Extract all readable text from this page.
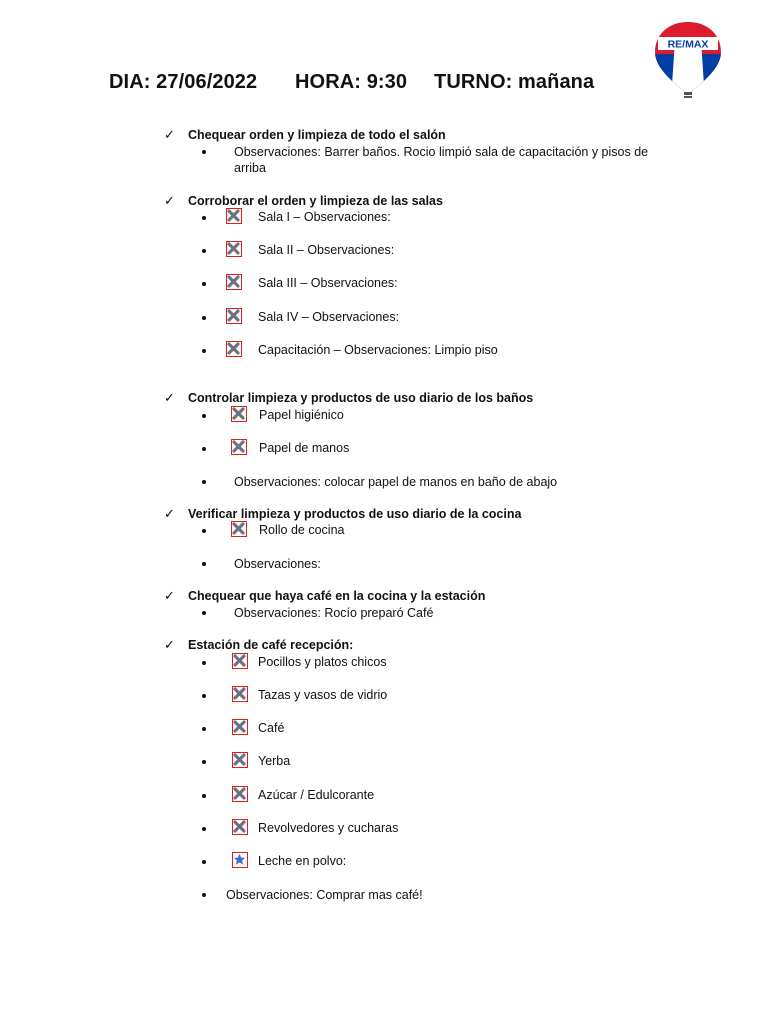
DIA: 27/06/2022 HORA: 9:30 TURNO: mañana
RE/MAX
✓ Chequear orden y limpieza de todo el salón
Observaciones: Barrer baños. Rocio limpió sala de capacitación y pisos de arriba
✓ Corroborar el orden y limpieza de las salas
Sala I – Observaciones:
Sala II – Observaciones:
Sala III – Observaciones:
Sala IV – Observaciones:
Capacitación – Observaciones: Limpio piso
✓ Controlar limpieza y productos de uso diario de los baños
Papel higiénico
Papel de manos
Observaciones: colocar papel de manos en baño de abajo
✓ Verificar limpieza y productos de uso diario de la cocina
Rollo de cocina
Observaciones:
✓ Chequear que haya café en la cocina y la estación
Observaciones: Rocío preparó Café
✓ Estación de café recepción:
Pocillos y platos chicos
Tazas y vasos de vidrio
Café
Yerba
Azúcar / Edulcorante
Revolvedores y cucharas
Leche en polvo:
Observaciones: Comprar mas café!
